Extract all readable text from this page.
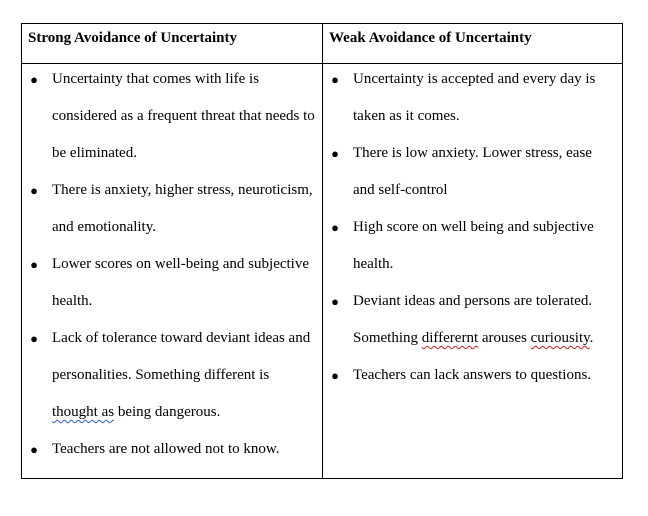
Strong Avoidance of Uncertainty	Weak Avoidance of Uncertainty
● Uncertainty that comes with life is considered as a frequent threat that needs to be eliminated.
● There is anxiety, higher stress, neuroticism, and emotionality.
● Lower scores on well-being and subjective health.
● Lack of tolerance toward deviant ideas and personalities. Something different is thought as being dangerous.
● Teachers are not allowed not to know.
● Uncertainty is accepted and every day is taken as it comes.
● There is low anxiety. Lower stress, ease and self-control
● High score on well being and subjective health.
● Deviant ideas and persons are tolerated. Something differernt arouses curiousity.
● Teachers can lack answers to questions.
